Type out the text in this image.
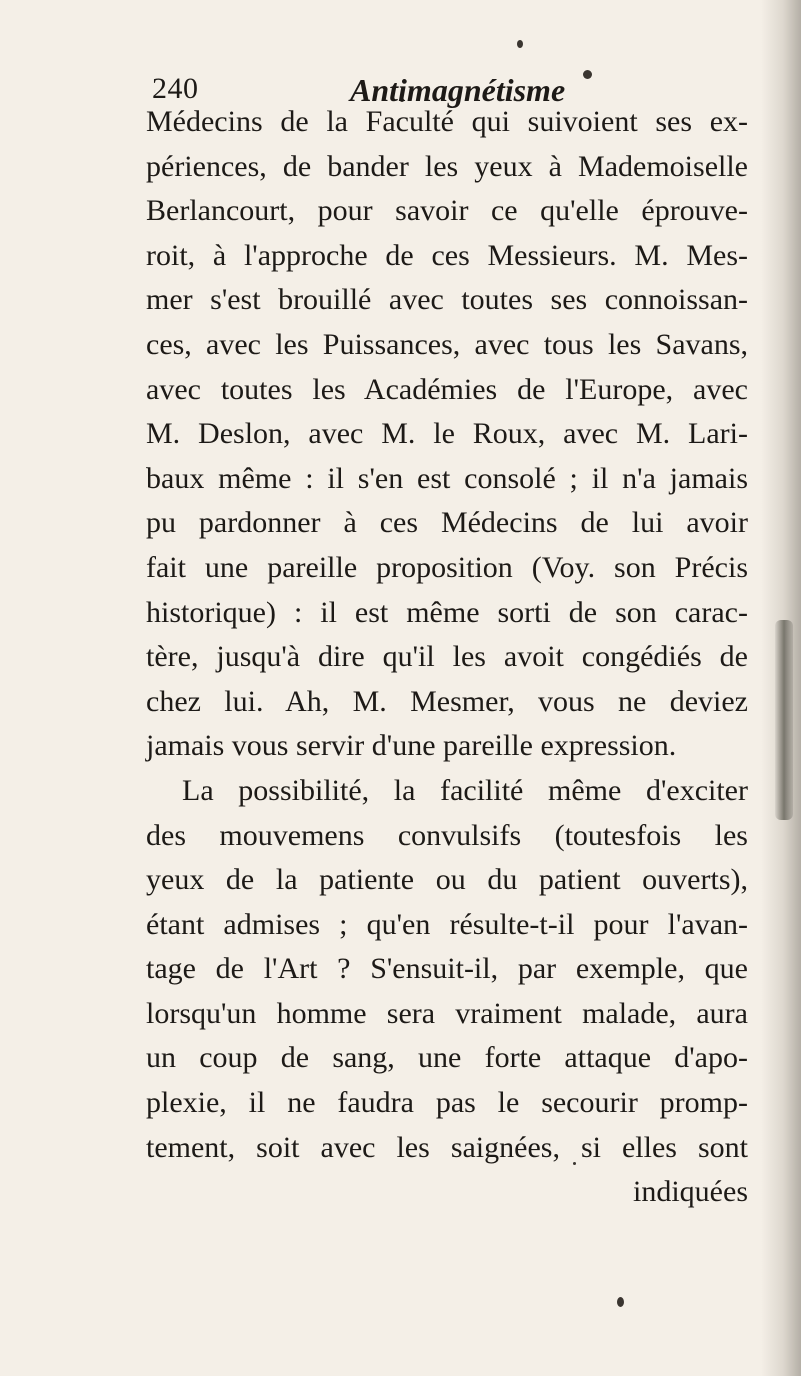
240	Antimagnétisme
Médecins de la Faculté qui suivoient ses ex-
périences, de bander les yeux à Mademoiselle
Berlancourt, pour savoir ce qu'elle éprouve-
roit, à l'approche de ces Messieurs. M. Mes-
mer s'est brouillé avec toutes ses connoissan-
ces, avec les Puissances, avec tous les Savans,
avec toutes les Académies de l'Europe, avec
M. Deslon, avec M. le Roux, avec M. Lari-
baux même : il s'en est consolé ; il n'a jamais
pu pardonner à ces Médecins de lui avoir
fait une pareille proposition (Voy. son Précis
historique) : il est même sorti de son carac-
tère, jusqu'à dire qu'il les avoit congédiés de
chez lui. Ah, M. Mesmer, vous ne deviez
jamais vous servir d'une pareille expression.
La possibilité, la facilité même d'exciter
des mouvemens convulsifs (toutesfois les
yeux de la patiente ou du patient ouverts),
étant admises ; qu'en résulte-t-il pour l'avan-
tage de l'Art ? S'ensuit-il, par exemple, que
lorsqu'un homme sera vraiment malade, aura
un coup de sang, une forte attaque d'apo-
plexie, il ne faudra pas le secourir promp-
tement, soit avec les saignées, si elles sont
indiquées
